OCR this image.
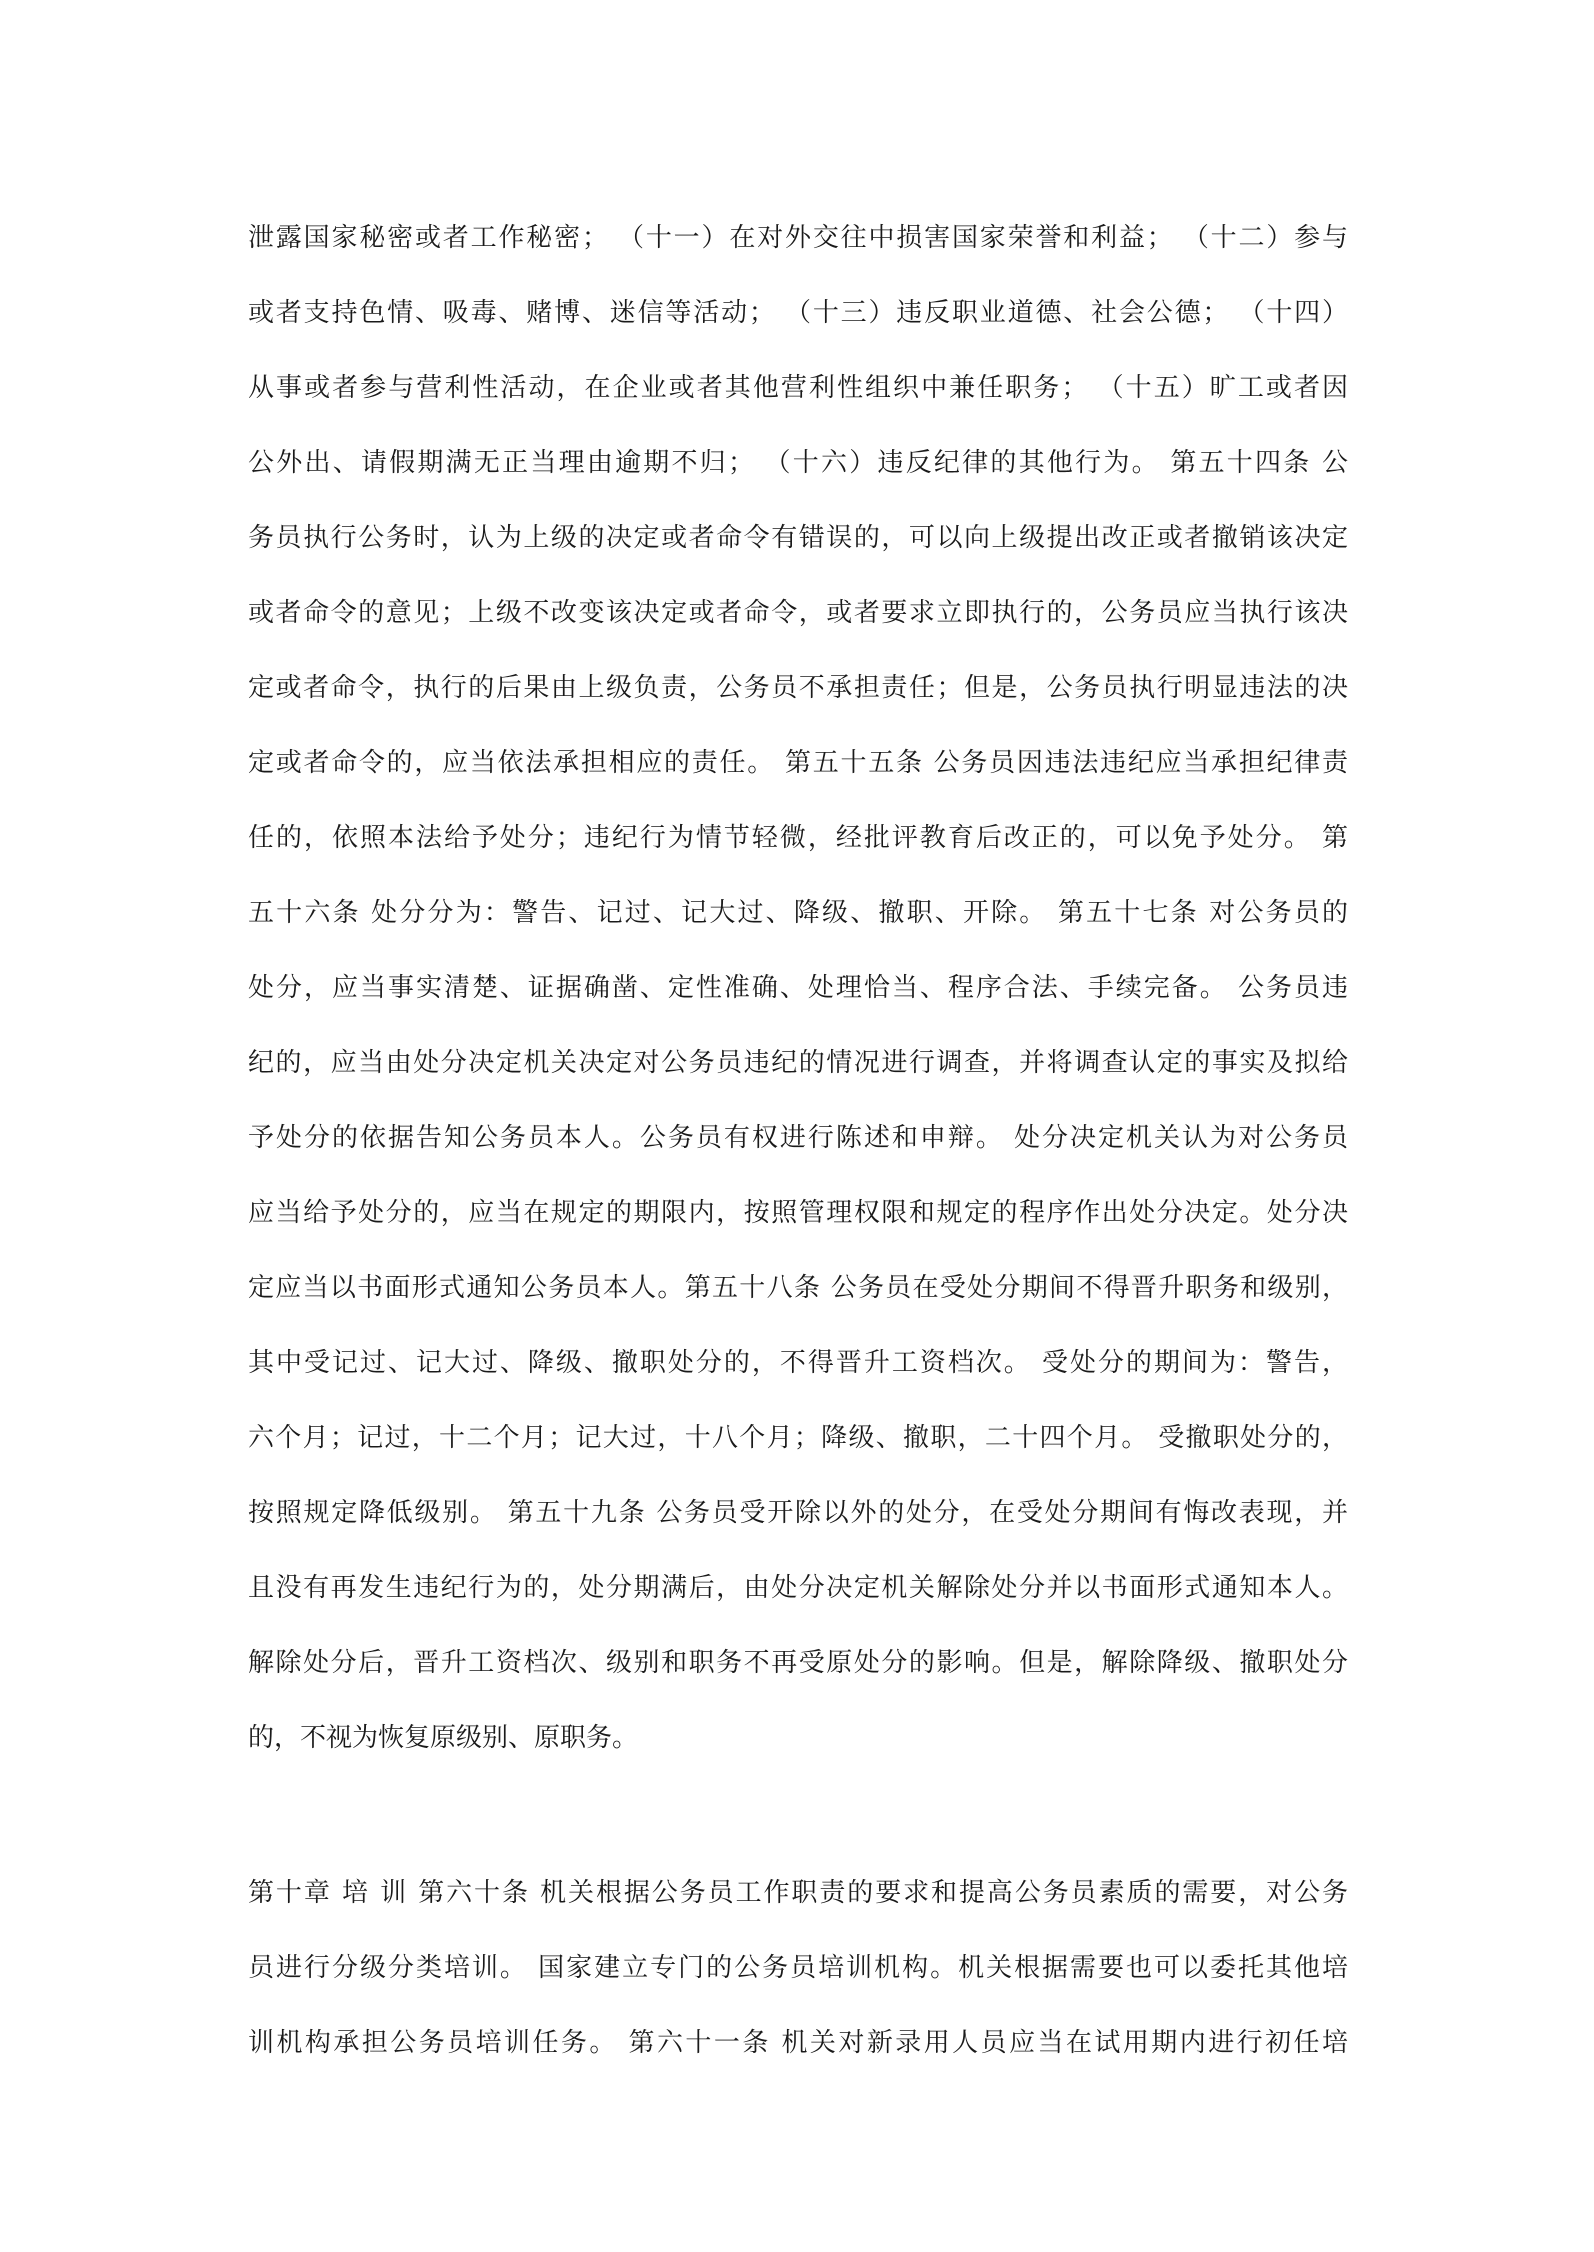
泄露国家秘密或者工作秘密； （十一）在对外交往中损害国家荣誉和利益； （十二）参与
或者支持色情、吸毒、赌博、迷信等活动； （十三）违反职业道德、社会公德； （十四）
从事或者参与营利性活动，在企业或者其他营利性组织中兼任职务； （十五）旷工或者因
公外出、请假期满无正当理由逾期不归； （十六）违反纪律的其他行为。 第五十四条 公
务员执行公务时，认为上级的决定或者命令有错误的，可以向上级提出改正或者撤销该决定
或者命令的意见；上级不改变该决定或者命令，或者要求立即执行的，公务员应当执行该决
定或者命令，执行的后果由上级负责，公务员不承担责任；但是，公务员执行明显违法的决
定或者命令的，应当依法承担相应的责任。 第五十五条 公务员因违法违纪应当承担纪律责
任的，依照本法给予处分；违纪行为情节轻微，经批评教育后改正的，可以免予处分。 第
五十六条 处分分为：警告、记过、记大过、降级、撤职、开除。 第五十七条 对公务员的
处分，应当事实清楚、证据确凿、定性准确、处理恰当、程序合法、手续完备。 公务员违
纪的，应当由处分决定机关决定对公务员违纪的情况进行调查，并将调查认定的事实及拟给
予处分的依据告知公务员本人。公务员有权进行陈述和申辩。 处分决定机关认为对公务员
应当给予处分的，应当在规定的期限内，按照管理权限和规定的程序作出处分决定。处分决
定应当以书面形式通知公务员本人。第五十八条 公务员在受处分期间不得晋升职务和级别，
其中受记过、记大过、降级、撤职处分的，不得晋升工资档次。 受处分的期间为：警告，
六个月；记过，十二个月；记大过，十八个月；降级、撤职，二十四个月。 受撤职处分的，
按照规定降低级别。 第五十九条 公务员受开除以外的处分，在受处分期间有悔改表现，并
且没有再发生违纪行为的，处分期满后，由处分决定机关解除处分并以书面形式通知本人。
解除处分后，晋升工资档次、级别和职务不再受原处分的影响。但是，解除降级、撤职处分
的，不视为恢复原级别、原职务。
第十章 培 训 第六十条 机关根据公务员工作职责的要求和提高公务员素质的需要，对公务
员进行分级分类培训。 国家建立专门的公务员培训机构。机关根据需要也可以委托其他培
训机构承担公务员培训任务。 第六十一条 机关对新录用人员应当在试用期内进行初任培
